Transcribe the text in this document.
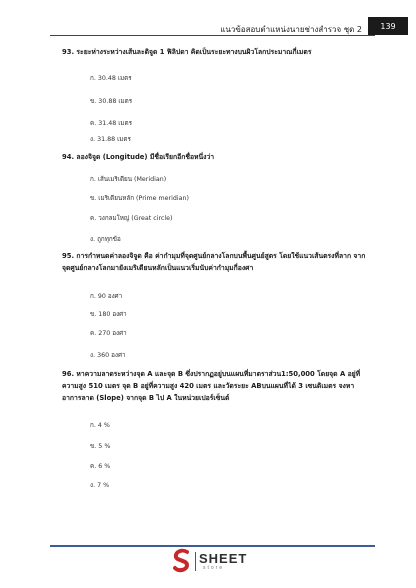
แนวข้อสอบตำแหน่งนายช่างสำรวจ ชุด 2 139
93. ระยะห่างระหว่างเส้นละติจูด 1 ฟิลิปดา คิดเป็นระยะทางบนผิวโลกประมาณกี่เมตร
ก. 30.48 เมตร
ข. 30.88 เมตร
ค. 31.48 เมตร
ง. 31.88 เมตร
94. ลองจิจูด (Longitude) มีชื่อเรียกอีกชื่อหนึ่งว่า
ก. เส้นเมริเดียน (Meridian)
ข. เมริเดียนหลัก (Prime meridian)
ค. วงกลมใหญ่ (Great circle)
ง. ถูกทุกข้อ
95. การกำหนดค่าลองจิจูด คือ ค่ากำมุมที่จุดศูนย์กลางโลกบนพื้นศูนย์สูตร โดยใช้แนวเส้นตรงที่ลาก จากจุดศูนย์กลางโลกมายังเมริเดียนหลักเป็นแนวเริ่มนับค่ากำมุมกี่องศา
ก. 90 องศา
ข. 180 องศา
ค. 270 องศา
ง. 360 องศา
96. หาความลาดระหว่างจุด A และจุด B ซึ่งปรากฏอยู่บนแผนที่มาตราส่วน1:50,000 โดยจุด A อยู่ที่ ความสูง 510 เมตร จุด B อยู่ที่ความสูง 420 เมตร และวัดระยะ ABบนแผนที่ได้ 3 เซนติเมตร จงหา อาการลาด (Slope) จากจุด B ไป A ในหน่วยเปอร์เซ็นต์
ก. 4 %
ข. 5 %
ค. 6 %
ง. 7 %
SHEET
store
